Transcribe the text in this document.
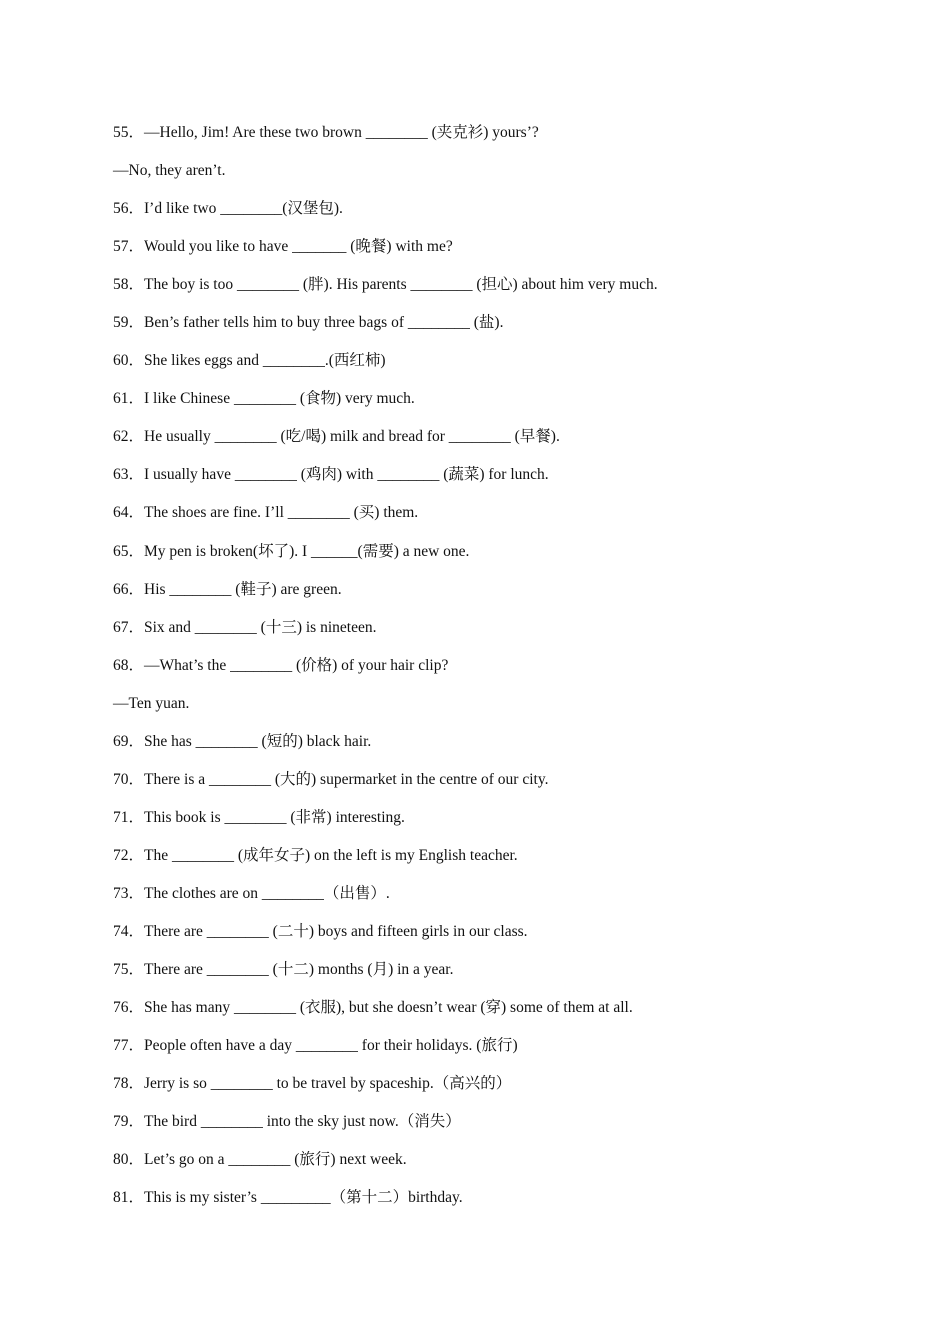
55．—Hello, Jim! Are these two brown ________ (夹克衫) yours’?
—No, they aren’t.
56．I’d like two ________(汉堡包).
57．Would you like to have _______ (晚餐) with me?
58．The boy is too ________ (胖). His parents ________ (担心) about him very much.
59．Ben’s father tells him to buy three bags of ________ (盐).
60．She likes eggs and ________.(西红柿)
61．I like Chinese ________ (食物) very much.
62．He usually ________ (吃/喝) milk and bread for ________ (早餐).
63．I usually have ________ (鸡肉) with ________ (蔬菜) for lunch.
64．The shoes are fine. I’ll ________ (买) them.
65．My pen is broken(坏了). I ______(需要) a new one.
66．His ________ (鞋子) are green.
67．Six and ________ (十三) is nineteen.
68．—What’s the ________ (价格) of your hair clip?
—Ten yuan.
69．She has ________ (短的) black hair.
70．There is a ________ (大的) supermarket in the centre of our city.
71．This book is ________ (非常) interesting.
72．The ________ (成年女子) on the left is my English teacher.
73．The clothes are on ________（出售）.
74．There are ________ (二十) boys and fifteen girls in our class.
75．There are ________ (十二) months (月) in a year.
76．She has many ________ (衣服), but she doesn’t wear (穿) some of them at all.
77．People often have a day ________ for their holidays. (旅行)
78．Jerry is so ________ to be travel by spaceship.（高兴的）
79．The bird ________ into the sky just now.（消失）
80．Let’s go on a ________ (旅行) next week.
81．This is my sister’s _________（第十二）birthday.
